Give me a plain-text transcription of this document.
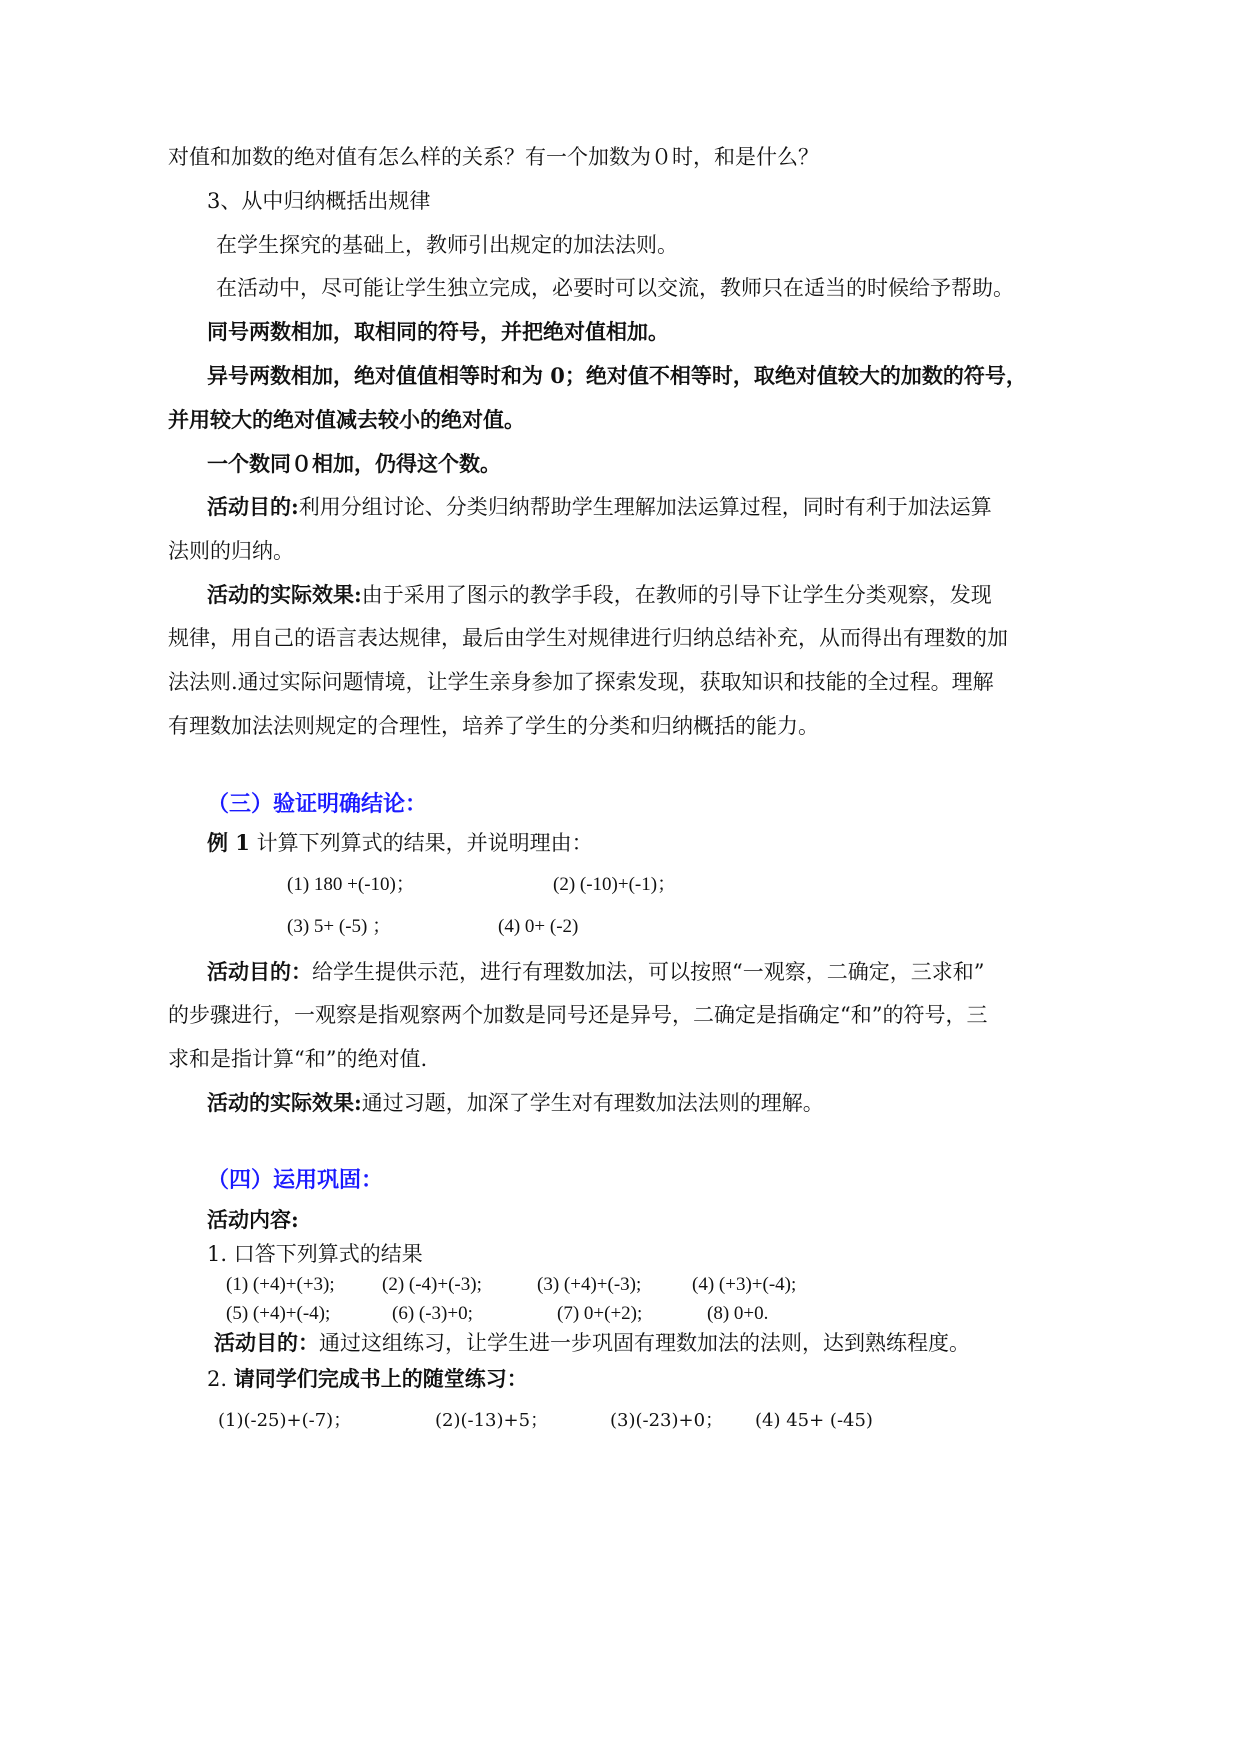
对值和加数的绝对值有怎么样的关系？有一个加数为０时，和是什么？
3、从中归纳概括出规律
在学生探究的基础上，教师引出规定的加法法则。
在活动中，尽可能让学生独立完成，必要时可以交流，教师只在适当的时候给予帮助。
同号两数相加，取相同的符号，并把绝对值相加。
异号两数相加，绝对值值相等时和为 0；绝对值不相等时，取绝对值较大的加数的符号，
并用较大的绝对值减去较小的绝对值。
一个数同０相加，仍得这个数。
活动目的:利用分组讨论、分类归纳帮助学生理解加法运算过程，同时有利于加法运算
法则的归纳。
活动的实际效果:由于采用了图示的教学手段，在教师的引导下让学生分类观察，发现
规律，用自己的语言表达规律，最后由学生对规律进行归纳总结补充，从而得出有理数的加
法法则.通过实际问题情境，让学生亲身参加了探索发现，获取知识和技能的全过程。理解
有理数加法法则规定的合理性，培养了学生的分类和归纳概括的能力。
（三）验证明确结论：
例 1 计算下列算式的结果，并说明理由：
(1) 180 +(-10)；	(2) (-10)+(-1)；
(3) 5+ (-5) ；	(4) 0+ (-2)
活动目的：给学生提供示范，进行有理数加法，可以按照“一观察，二确定，三求和”
的步骤进行，一观察是指观察两个加数是同号还是异号，二确定是指确定“和”的符号，三
求和是指计算“和”的绝对值.
活动的实际效果:通过习题，加深了学生对有理数加法法则的理解。
（四）运用巩固：
活动内容:
1. 口答下列算式的结果
(1) (+4)+(+3); (2) (-4)+(-3);	(3) (+4)+(-3);	(4) (+3)+(-4);
(5) (+4)+(-4);	(6) (-3)+0;	(7) 0+(+2);	(8) 0+0.
活动目的：通过这组练习，让学生进一步巩固有理数加法的法则，达到熟练程度。
2. 请同学们完成书上的随堂练习：
(1)(-25)+(-7)；	(2)(-13)+5；	(3)(-23)+0； (4) 45+ (-45)
